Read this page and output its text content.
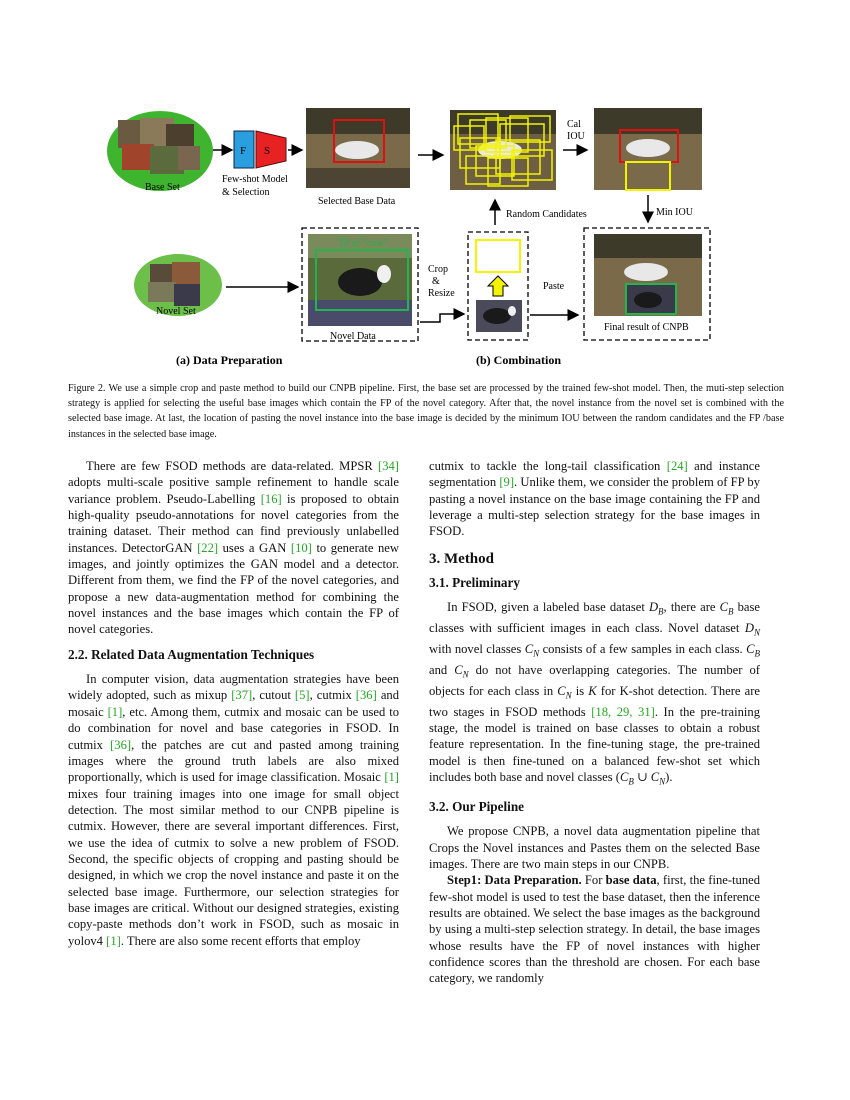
Base Set
F S
Few-shot Model
& Selection
Selected Base Data
Cal
IOU
Min IOU
Random Candidates
Novel Set
TP of "cow"
Novel Data
Crop
&
Resize
Paste
Final result of CNPB
(a) Data Preparation	(b) Combination
Figure 2. We use a simple crop and paste method to build our CNPB pipeline. First, the base set are processed by the trained few-shot model. Then, the muti-step selection strategy is applied for selecting the useful base images which contain the FP of the novel category. After that, the novel instance from the novel set is combined with the selected base image. At last, the location of pasting the novel instance into the base image is decided by the minimum IOU between the random candidates and the FP /base instances in the selected base image.

There are few FSOD methods are data-related. MPSR [34] adopts multi-scale positive sample refinement to handle scale variance problem. Pseudo-Labelling [16] is proposed to obtain high-quality pseudo-annotations for novel categories from the training dataset. Their method can find previously unlabelled instances. DetectorGAN [22] uses a GAN [10] to generate new images, and jointly optimizes the GAN model and a detector. Different from them, we find the FP of the novel categories, and propose a new data-augmentation method for combining the novel instances and the base images which contain the FP of novel categories.

2.2. Related Data Augmentation Techniques

In computer vision, data augmentation strategies have been widely adopted, such as mixup [37], cutout [5], cutmix [36] and mosaic [1], etc. Among them, cutmix and mosaic can be used to do combination for novel and base categories in FSOD. In cutmix [36], the patches are cut and pasted among training images where the ground truth labels are also mixed proportionally, which is used for image classification. Mosaic [1] mixes four training images into one image for small object detection. The most similar method to our CNPB pipeline is cutmix. However, there are several important differences. First, we use the idea of cutmix to solve a new problem of FSOD. Second, the specific objects of cropping and pasting should be designed, in which we crop the novel instance and paste it on the selected base image. Furthermore, our selection strategies for base images are critical. Without our designed strategies, existing copy-paste methods don’t work in FSOD, such as mosaic in yolov4 [1]. There are also some recent efforts that employ

cutmix to tackle the long-tail classification [24] and instance segmentation [9]. Unlike them, we consider the problem of FP by pasting a novel instance on the base image containing the FP and leverage a multi-step selection strategy for the base images in FSOD.

3. Method
3.1. Preliminary

In FSOD, given a labeled base dataset $D_B$, there are $C_B$ base classes with sufficient images in each class. Novel dataset $D_N$ with novel classes $C_N$ consists of a few samples in each class. $C_B$ and $C_N$ do not have overlapping categories. The number of objects for each class in $C_N$ is K for K-shot detection. There are two stages in FSOD methods [18, 29, 31]. In the pre-training stage, the model is trained on base classes to obtain a robust feature representation. In the fine-tuning stage, the pre-trained model is then fine-tuned on a balanced few-shot set which includes both base and novel classes ($C_B$ ∪ $C_N$).

3.2. Our Pipeline

We propose CNPB, a novel data augmentation pipeline that Crops the Novel instances and Pastes them on the selected Base images. There are two main steps in our CNPB.

Step1: Data Preparation. For base data, first, the fine-tuned few-shot model is used to test the base dataset, then the inference results are obtained. We select the base images as the background by using a multi-step selection strategy. In detail, the base images whose results have the FP of novel instances with higher confidence scores than the threshold are chosen. For each base category, we randomly
